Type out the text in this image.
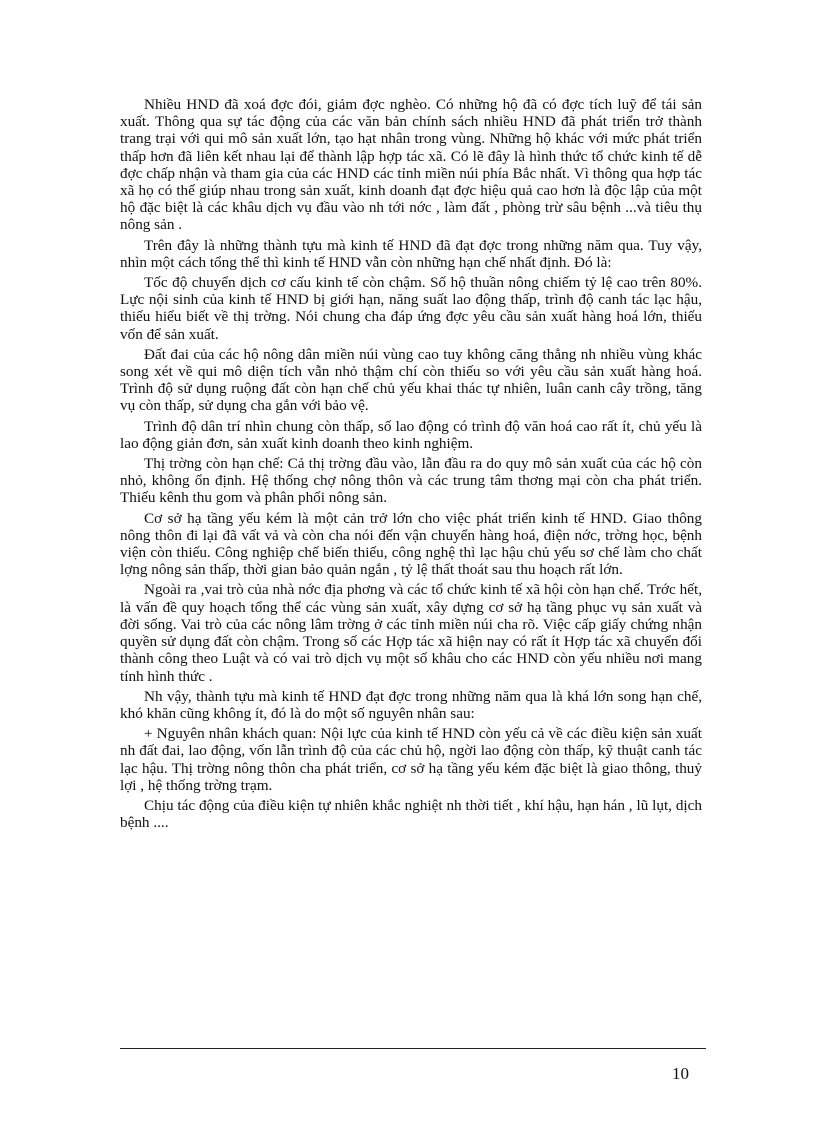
Nhiều HND đã xoá đợc đói, giảm đợc nghèo. Có những hộ đã có đợc tích luỹ để tái sản xuất. Thông qua sự tác động của các văn bản chính sách nhiều HND đã phát triển trở thành trang trại với qui mô sản xuất lớn, tạo hạt nhân trong vùng. Những hộ khác với mức phát triển thấp hơn đã liên kết nhau lại để thành lập hợp tác xã. Có lẽ đây là hình thức tổ chức kinh tế dễ đợc chấp nhận và tham gia của các HND các tỉnh miền núi phía Bắc nhất. Vì thông qua hợp tác xã họ có thể giúp nhau trong sản xuất, kinh doanh đạt đợc hiệu quả cao hơn là độc lập của một hộ đặc biệt là các khâu dịch vụ đầu vào nh tới nớc , làm đất , phòng trừ sâu bệnh ...và tiêu thụ nông sản .

Trên đây là những thành tựu mà kinh tế HND đã đạt đợc trong những năm qua. Tuy vậy, nhìn một cách tổng thể thì kinh tế HND vẫn còn những hạn chế nhất định. Đó là:

Tốc độ chuyển dịch cơ cấu kinh tế còn chậm. Số hộ thuần nông chiếm tỷ lệ cao trên 80%. Lực nội sinh của kinh tế HND bị giới hạn, năng suất lao động thấp, trình độ canh tác lạc hậu, thiếu hiểu biết về thị trờng. Nói chung cha đáp ứng đợc yêu cầu sản xuất hàng hoá lớn, thiếu vốn để sản xuất.

Đất đai của các hộ nông dân miền núi vùng cao tuy không căng thẳng nh nhiều vùng khác song xét về qui mô diện tích vẫn nhỏ thậm chí còn thiếu so với yêu cầu sản xuất hàng hoá. Trình độ sử dụng ruộng đất còn hạn chế chủ yếu khai thác tự nhiên, luân canh cây trồng, tăng vụ còn thấp, sử dụng cha gắn với bảo vệ.

Trình độ dân trí nhìn chung còn thấp, số lao động có trình độ văn hoá cao rất ít, chủ yếu là lao động giản đơn, sản xuất kinh doanh theo kinh nghiệm.

Thị trờng còn hạn chế: Cả thị trờng đầu vào, lẫn đầu ra do quy mô sản xuất của các hộ còn nhỏ, không ổn định. Hệ thống chợ nông thôn và các trung tâm thơng mại còn cha phát triển. Thiếu kênh thu gom và phân phối nông sản.

Cơ sở hạ tầng yếu kém là một cản trở lớn cho việc phát triển kinh tế HND. Giao thông nông thôn đi lại đã vất vả và còn cha nói đến vận chuyển hàng hoá, điện nớc, trờng học, bệnh viện còn thiếu. Công nghiệp chế biến thiếu, công nghệ thì lạc hậu chủ yếu sơ chế làm cho chất lợng nông sản thấp, thời gian bảo quản ngắn , tỷ lệ thất thoát sau thu hoạch rất lớn.

Ngoài ra ,vai trò của nhà nớc địa phơng và các tổ chức kinh tế xã hội còn hạn chế. Trớc hết, là vấn đề quy hoạch tổng thể các vùng sản xuất, xây dựng cơ sở hạ tầng phục vụ sản xuất và đời sống. Vai trò của các nông lâm trờng ở các tỉnh miền núi cha rõ. Việc cấp giấy chứng nhận quyền sử dụng đất còn chậm. Trong số các Hợp tác xã hiện nay có rất ít Hợp tác xã chuyển đổi thành công theo Luật và có vai trò dịch vụ một số khâu cho các HND còn yếu nhiều nơi mang tính hình thức .

Nh vậy, thành tựu mà kinh tế HND đạt đợc trong những năm qua là khá lớn song hạn chế, khó khăn cũng không ít, đó là do một số nguyên nhân sau:

+ Nguyên nhân khách quan: Nội lực của kinh tế HND còn yếu cả về các điều kiện sản xuất nh đất đai, lao động, vốn lẫn trình độ của các chủ hộ, ngời lao động còn thấp, kỹ thuật canh tác lạc hậu. Thị trờng nông thôn cha phát triển, cơ sở hạ tầng yếu kém đặc biệt là giao thông, thuỷ lợi , hệ thống trờng trạm.

Chịu tác động của điều kiện tự nhiên khắc nghiệt nh thời tiết , khí hậu, hạn hán , lũ lụt, dịch bệnh ....

10
